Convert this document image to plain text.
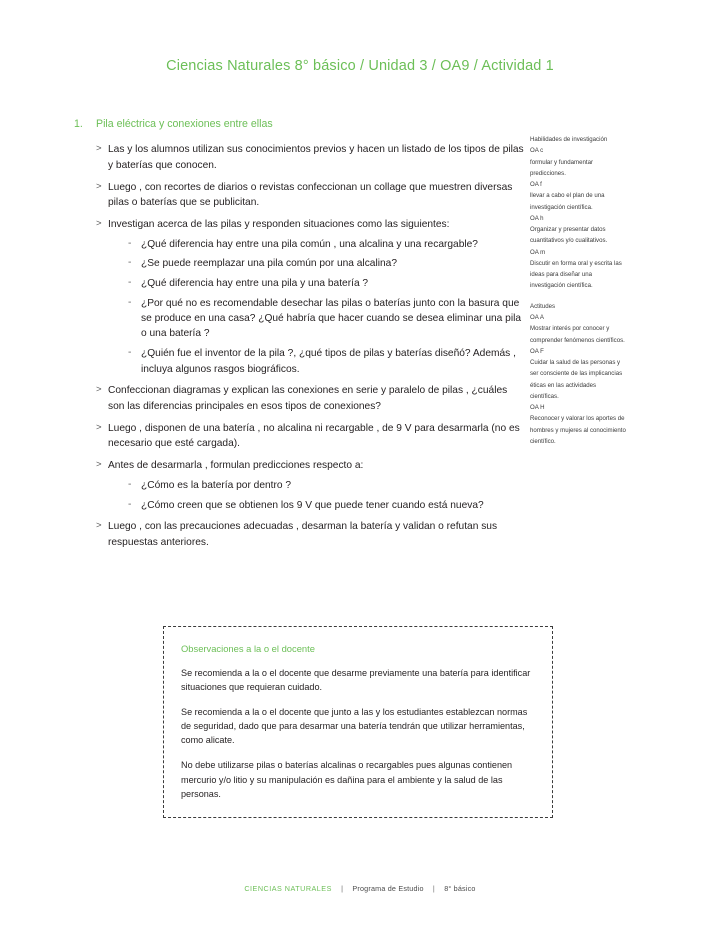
Ciencias Naturales 8° básico / Unidad 3 / OA9 / Actividad 1
1.	Pila eléctrica y conexiones entre ellas
> Las y los alumnos utilizan sus conocimientos previos y hacen un listado de los tipos de pilas y baterías que conocen.

> Luego , con recortes de diarios o revistas confeccionan un collage que muestren diversas pilas o baterías que se publicitan.

> Investigan acerca de las pilas y responden situaciones como las siguientes:

- ¿Qué diferencia hay entre una pila común , una alcalina y una recargable?
- ¿Se puede reemplazar una pila común por una alcalina?
- ¿Qué diferencia hay entre una pila y una batería ?
- ¿Por qué no es recomendable desechar las pilas o baterías junto con la basura que se produce en una casa? ¿Qué habría que hacer cuando se desea eliminar una pila o una batería ?
- ¿Quién fue el inventor de la pila ?, ¿qué tipos de pilas y baterías diseñó? Además , incluya algunos rasgos biográficos.
> Confeccionan diagramas y explican las conexiones en serie y paralelo de pilas , ¿cuáles son las diferencias principales en esos tipos de conexiones?

> Luego , disponen de una batería , no alcalina ni recargable , de 9 V para desarmarla (no es necesario que esté cargada).

> Antes de desarmarla , formulan predicciones respecto a:

- ¿Cómo es la batería por dentro ?
- ¿Cómo creen que se obtienen los 9 V que puede tener cuando está nueva?
> Luego , con las precauciones adecuadas , desarman la batería y validan o refutan sus respuestas anteriores.

Habilidades de investigación

OA c

formular y fundamentar predicciones.

OA f

llevar a cabo el plan de una investigación científica.

OA h

Organizar y presentar datos cuantitativos y/o cualitativos.

OA m

Discutir en forma oral y escrita las ideas para diseñar una investigación científica.

Actitudes

OA A

Mostrar interés por conocer y comprender fenómenos científicos.

OA F

Cuidar la salud de las personas y ser consciente de las implicancias éticas en las actividades científicas.

OA H

Reconocer y valorar los aportes de hombres y mujeres al conocimiento científico.

Observaciones a la o el docente

Se recomienda a la o el docente que desarme previamente una batería para identificar situaciones que requieran cuidado.

Se recomienda a la o el docente que junto a las y los estudiantes establezcan normas de seguridad, dado que para desarmar una batería tendrán que utilizar herramientas, como alicate.

No debe utilizarse pilas o baterías alcalinas o recargables pues algunas contienen mercurio y/o litio y su manipulación es dañina para el ambiente y la salud de las personas.

CIENCIAS NATURALES | Programa de Estudio | 8° básico
